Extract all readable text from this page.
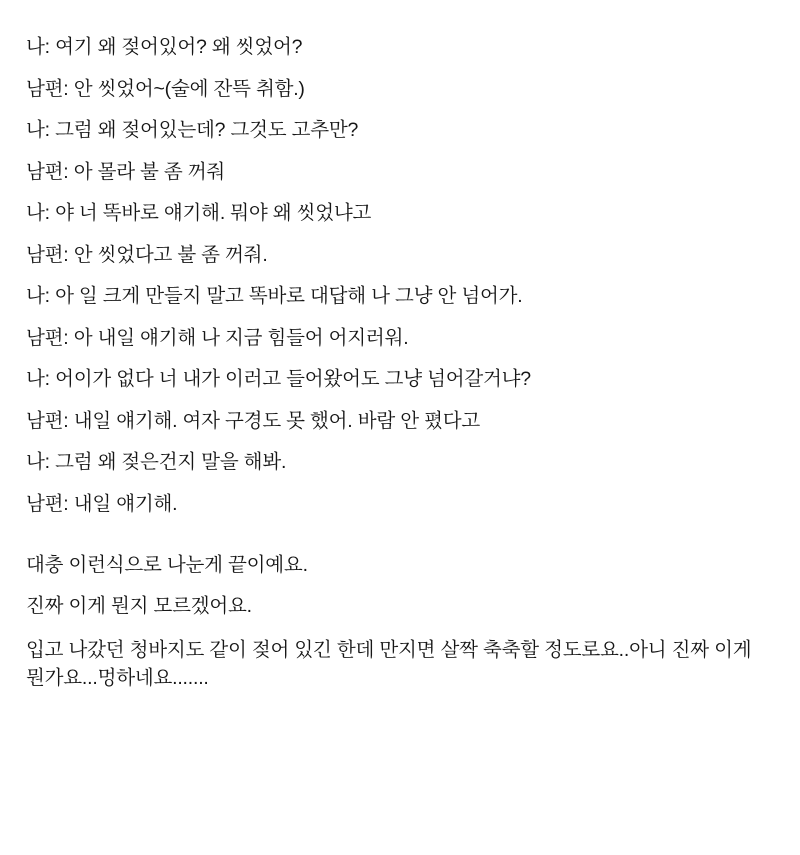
나: 여기 왜 젖어있어? 왜 씻었어?

남편: 안 씻었어~(술에 잔뜩 취함.)

나: 그럼 왜 젖어있는데? 그것도 고추만?

남편: 아 몰라 불 좀 꺼줘

나: 야 너 똑바로 얘기해. 뭐야 왜 씻었냐고

남편: 안 씻었다고 불 좀 꺼줘.

나: 아 일 크게 만들지 말고 똑바로 대답해 나 그냥 안 넘어가.

남편: 아 내일 얘기해 나 지금 힘들어 어지러워.

나: 어이가 없다 너 내가 이러고 들어왔어도 그냥 넘어갈거냐?

남편: 내일 얘기해. 여자 구경도 못 했어. 바람 안 폈다고

나: 그럼 왜 젖은건지 말을 해봐.

남편: 내일 얘기해.

대충 이런식으로 나눈게 끝이예요.

진짜 이게 뭔지 모르겠어요.

입고 나갔던 청바지도 같이 젖어 있긴 한데 만지면 살짝 축축할 정도로요..아니 진짜 이게 뭔가요...멍하네요.......
